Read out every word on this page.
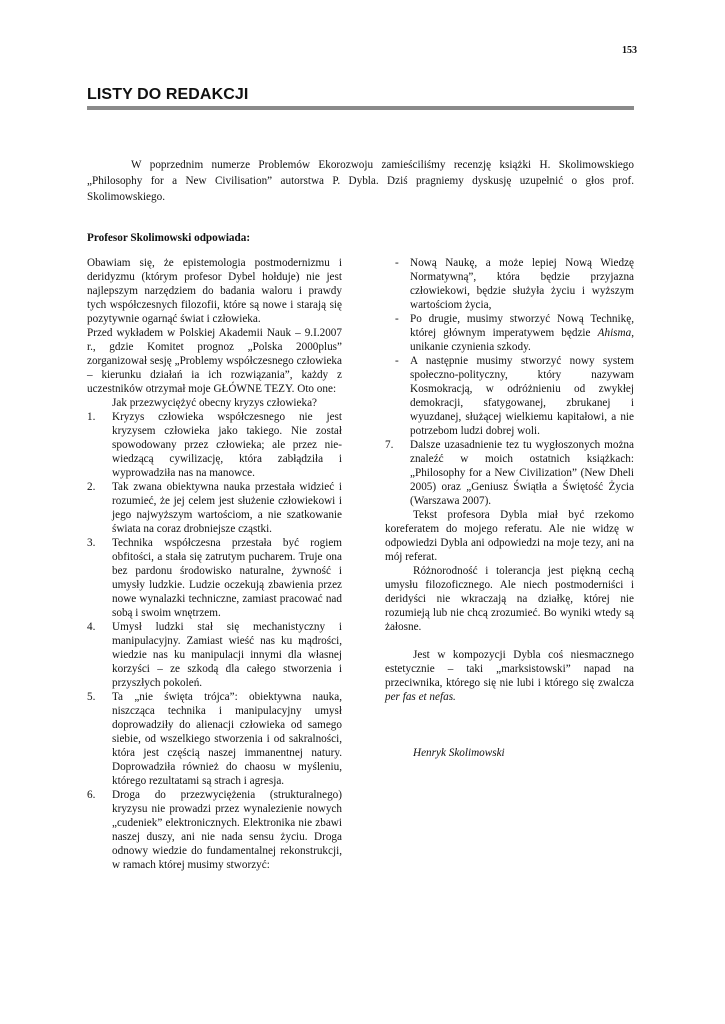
153
LISTY DO REDAKCJI

W poprzednim numerze Problemów Ekorozwoju zamieściliśmy recenzję książki H. Skolimowskiego „Philosophy for a New Civilisation” autorstwa P. Dybla. Dziś pragniemy dyskusję uzupełnić o głos prof. Skolimowskiego.

Profesor Skolimowski odpowiada:

Obawiam się, że epistemologia postmodernizmu i deridyzmu (którym profesor Dybel hołduje) nie jest najlepszym narzędziem do badania waloru i prawdy tych współczesnych filozofii, które są nowe i starają się pozytywnie ogarnąć świat i człowieka.

Przed wykładem w Polskiej Akademii Nauk – 9.I.2007 r., gdzie Komitet prognoz „Polska 2000plus” zorganizował sesję „Problemy współczesnego człowieka – kierunku działań ia ich rozwiązania”, każdy z uczestników otrzymał moje GŁÓWNE TEZY. Oto one:

Jak przezwyciężyć obecny kryzys człowieka?

1. Kryzys człowieka współczesnego nie jest kryzysem człowieka jako takiego. Nie został spowodowany przez człowieka; ale przez nie-wiedzącą cywilizację, która zabłądziła i wyprowadziła nas na manowce.
2. Tak zwana obiektywna nauka przestała widzieć i rozumieć, że jej celem jest służenie człowiekowi i jego najwyższym wartościom, a nie szatkowanie świata na coraz drobniejsze cząstki.
3. Technika współczesna przestała być rogiem obfitości, a stała się zatrutym pucharem. Truje ona bez pardonu środowisko naturalne, żywność i umysły ludzkie. Ludzie oczekują zbawienia przez nowe wynalazki techniczne, zamiast pracować nad sobą i swoim wnętrzem.
4. Umysł ludzki stał się mechanistyczny i manipulacyjny. Zamiast wieść nas ku mądrości, wiedzie nas ku manipulacji innymi dla własnej korzyści – ze szkodą dla całego stworzenia i przyszłych pokoleń.
5. Ta „nie święta trójca”: obiektywna nauka, niszcząca technika i manipulacyjny umysł doprowadziły do alienacji człowieka od samego siebie, od wszelkiego stworzenia i od sakralności, która jest częścią naszej immanentnej natury. Doprowadziła również do chaosu w myśleniu, którego rezultatami są strach i agresja.
6. Droga do przezwyciężenia (strukturalnego) kryzysu nie prowadzi przez wynalezienie nowych „cudeniek” elektronicznych. Elektronika nie zbawi naszej duszy, ani nie nada sensu życiu. Droga odnowy wiedzie do fundamentalnej rekonstrukcji, w ramach której musimy stworzyć:
- Nową Naukę, a może lepiej Nową Wiedzę Normatywną”, która będzie przyjazna człowiekowi, będzie służyła życiu i wyższym wartościom życia,
- Po drugie, musimy stworzyć Nową Technikę, której głównym imperatywem będzie Ahisma, unikanie czynienia szkody.
- A następnie musimy stworzyć nowy system społeczno-polityczny, który nazywam Kosmokracją, w odróżnieniu od zwykłej demokracji, sfatygowanej, zbrukanej i wyuzdanej, służącej wielkiemu kapitałowi, a nie potrzebom ludzi dobrej woli.
7. Dalsze uzasadnienie tez tu wygłoszonych można znaleźć w moich ostatnich książkach: „Philosophy for a New Civilization” (New Dheli 2005) oraz „Geniusz Świątła a Świętość Życia (Warszawa 2007).

Tekst profesora Dybla miał być rzekomo koreferatem do mojego referatu. Ale nie widzę w odpowiedzi Dybla ani odpowiedzi na moje tezy, ani na mój referat.

Różnorodność i tolerancja jest piękną cechą umysłu filozoficznego. Ale niech postmoderniści i deridyści nie wkraczają na działkę, której nie rozumieją lub nie chcą zrozumieć. Bo wyniki wtedy są żałosne.

Jest w kompozycji Dybla coś niesmacznego estetycznie – taki „marksistowski” napad na przeciwnika, którego się nie lubi i którego się zwalcza per fas et nefas.

Henryk Skolimowski
